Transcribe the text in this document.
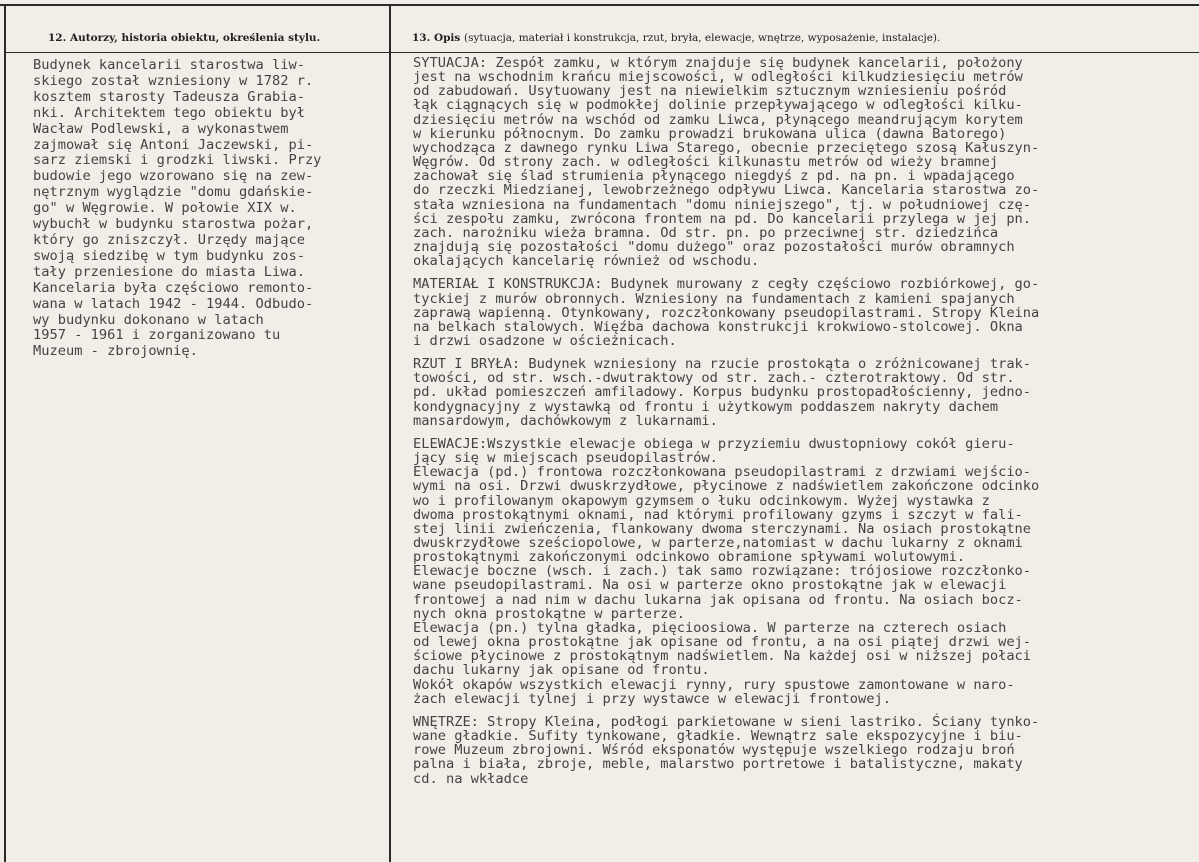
12. Autorzy, historia obiektu, określenia stylu.	13. Opis (sytuacja, materiał i konstrukcja, rzut, bryła, elewacje, wnętrze, wyposażenie, instalacje).
Budynek kancelarii starostwa liw-
skiego został wzniesiony w 1782 r.
kosztem starosty Tadeusza Grabia-
nki. Architektem tego obiektu był
Wacław Podlewski, a wykonastwem
zajmował się Antoni Jaczewski, pi-
sarz ziemski i grodzki liwski. Przy
budowie jego wzorowano się na zew-
nętrznym wyglądzie "domu gdańskie-
go" w Węgrowie. W połowie XIX w.
wybuchł w budynku starostwa pożar,
który go zniszczył. Urzędy mające
swoją siedzibę w tym budynku zos-
tały przeniesione do miasta Liwa.
Kancelaria była częściowo remonto-
wana w latach 1942 - 1944. Odbudo-
wy budynku dokonano w latach
1957 - 1961 i zorganizowano tu
Muzeum - zbrojownię.
SYTUACJA: Zespół zamku, w którym znajduje się budynek kancelarii, położony
jest na wschodnim krańcu miejscowości, w odległości kilkudziesięciu metrów
od zabudowań. Usytuowany jest na niewielkim sztucznym wzniesieniu pośród
łąk ciągnących się w podmokłej dolinie przepływającego w odległości kilku-
dziesięciu metrów na wschód od zamku Liwca, płynącego meandrującym korytem
w kierunku północnym. Do zamku prowadzi brukowana ulica (dawna Batorego)
wychodząca z dawnego rynku Liwa Starego, obecnie przeciętego szosą Kałuszyn-
Węgrów. Od strony zach. w odległości kilkunastu metrów od wieży bramnej
zachował się ślad strumienia płynącego niegdyś z pd. na pn. i wpadającego
do rzeczki Miedzianej, lewobrzeżnego odpływu Liwca. Kancelaria starostwa zo-
stała wzniesiona na fundamentach "domu niniejszego", tj. w południowej czę-
ści zespołu zamku, zwrócona frontem na pd. Do kancelarii przylega w jej pn.
zach. narożniku wieża bramna. Od str. pn. po przeciwnej str. dziedzińca
znajdują się pozostałości "domu dużego" oraz pozostałości murów obramnych
okalających kancelarię również od wschodu.
MATERIAŁ I KONSTRUKCJA: Budynek murowany z cegły częściowo rozbiórkowej, go-
tyckiej z murów obronnych. Wzniesiony na fundamentach z kamieni spajanych
zaprawą wapienną. Otynkowany, rozczłonkowany pseudopilastrami. Stropy Kleina
na belkach stalowych. Więźba dachowa konstrukcji krokwiowo-stolcowej. Okna
i drzwi osadzone w ościeżnicach.
RZUT I BRYŁA: Budynek wzniesiony na rzucie prostokąta o zróżnicowanej trak-
towości, od str. wsch.-dwutraktowy od str. zach.- czterotraktowy. Od str.
pd. układ pomieszczeń amfiladowy. Korpus budynku prostopadłościenny, jedno-
kondygnacyjny z wystawką od frontu i użytkowym poddaszem nakryty dachem
mansardowym, dachówkowym z lukarnami.
ELEWACJE:Wszystkie elewacje obiega w przyziemiu dwustopniowy cokół gieru-
jący się w miejscach pseudopilastrów.
Elewacja (pd.) frontowa rozczłonkowana pseudopilastrami z drzwiami wejścio-
wymi na osi. Drzwi dwuskrzydłowe, płycinowe z nadświetlem zakończone odcinko
wo i profilowanym okapowym gzymsem o łuku odcinkowym. Wyżej wystawka z
dwoma prostokątnymi oknami, nad którymi profilowany gzyms i szczyt w fali-
stej linii zwieńczenia, flankowany dwoma sterczynami. Na osiach prostokątne
dwuskrzydłowe sześciopolowe, w parterze,natomiast w dachu lukarny z oknami
prostokątnymi zakończonymi odcinkowo obramione spływami wolutowymi.
Elewacje boczne (wsch. i zach.) tak samo rozwiązane: trójosiowe rozczłonko-
wane pseudopilastrami. Na osi w parterze okno prostokątne jak w elewacji
frontowej a nad nim w dachu lukarna jak opisana od frontu. Na osiach bocz-
nych okna prostokątne w parterze.
Elewacja (pn.) tylna gładka, pięcioosiowa. W parterze na czterech osiach
od lewej okna prostokątne jak opisane od frontu, a na osi piątej drzwi wej-
ściowe płycinowe z prostokątnym nadświetlem. Na każdej osi w niższej połaci
dachu lukarny jak opisane od frontu.
Wokół okapów wszystkich elewacji rynny, rury spustowe zamontowane w naro-
żach elewacji tylnej i przy wystawce w elewacji frontowej.
WNĘTRZE: Stropy Kleina, podłogi parkietowane w sieni lastriko. Ściany tynko-
wane gładkie. Sufity tynkowane, gładkie. Wewnątrz sale ekspozycyjne i biu-
rowe Muzeum zbrojowni. Wśród eksponatów występuje wszelkiego rodzaju broń
palna i biała, zbroje, meble, malarstwo portretowe i batalistyczne, makaty
cd. na wkładce
